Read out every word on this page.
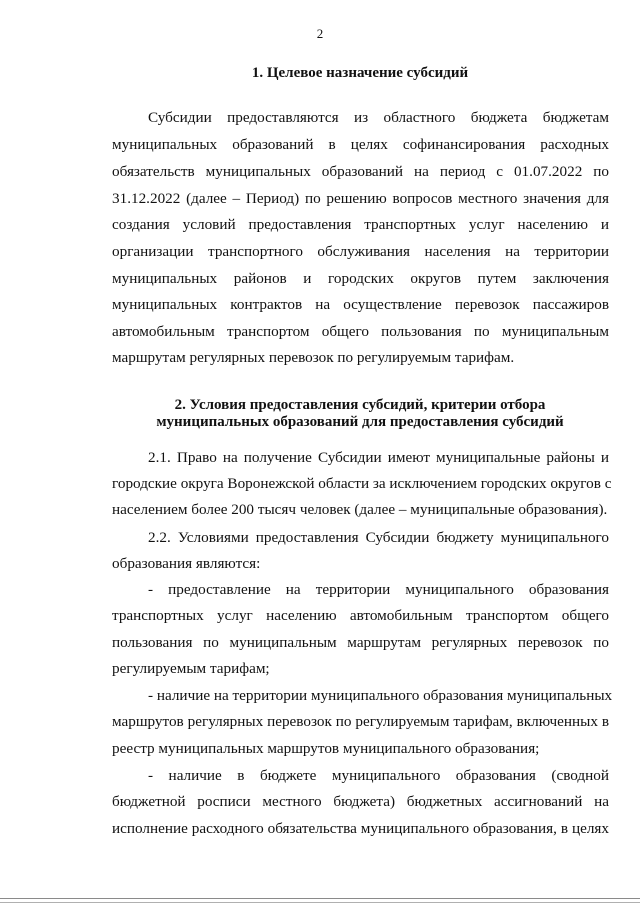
2
1. Целевое назначение субсидий
Субсидии предоставляются из областного бюджета бюджетам
муниципальных образований в целях софинансирования расходных
обязательств муниципальных образований на период с 01.07.2022 по
31.12.2022 (далее – Период) по решению вопросов местного значения для
создания условий предоставления транспортных услуг населению и
организации транспортного обслуживания населения на территории
муниципальных районов и городских округов путем заключения
муниципальных контрактов на осуществление перевозок пассажиров
автомобильным транспортом общего пользования по муниципальным
маршрутам регулярных перевозок по регулируемым тарифам.
2. Условия предоставления субсидий, критерии отбора
муниципальных образований для предоставления субсидий
2.1. Право на получение Субсидии имеют муниципальные районы и
городские округа Воронежской области за исключением городских округов с
населением более 200 тысяч человек (далее – муниципальные образования).
2.2. Условиями предоставления Субсидии бюджету муниципального
образования являются:
- предоставление на территории муниципального образования
транспортных услуг населению автомобильным транспортом общего
пользования по муниципальным маршрутам регулярных перевозок по
регулируемым тарифам;
- наличие на территории муниципального образования муниципальных
маршрутов регулярных перевозок по регулируемым тарифам, включенных в
реестр муниципальных маршрутов муниципального образования;
- наличие в бюджете муниципального образования (сводной
бюджетной росписи местного бюджета) бюджетных ассигнований на
исполнение расходного обязательства муниципального образования, в целях
